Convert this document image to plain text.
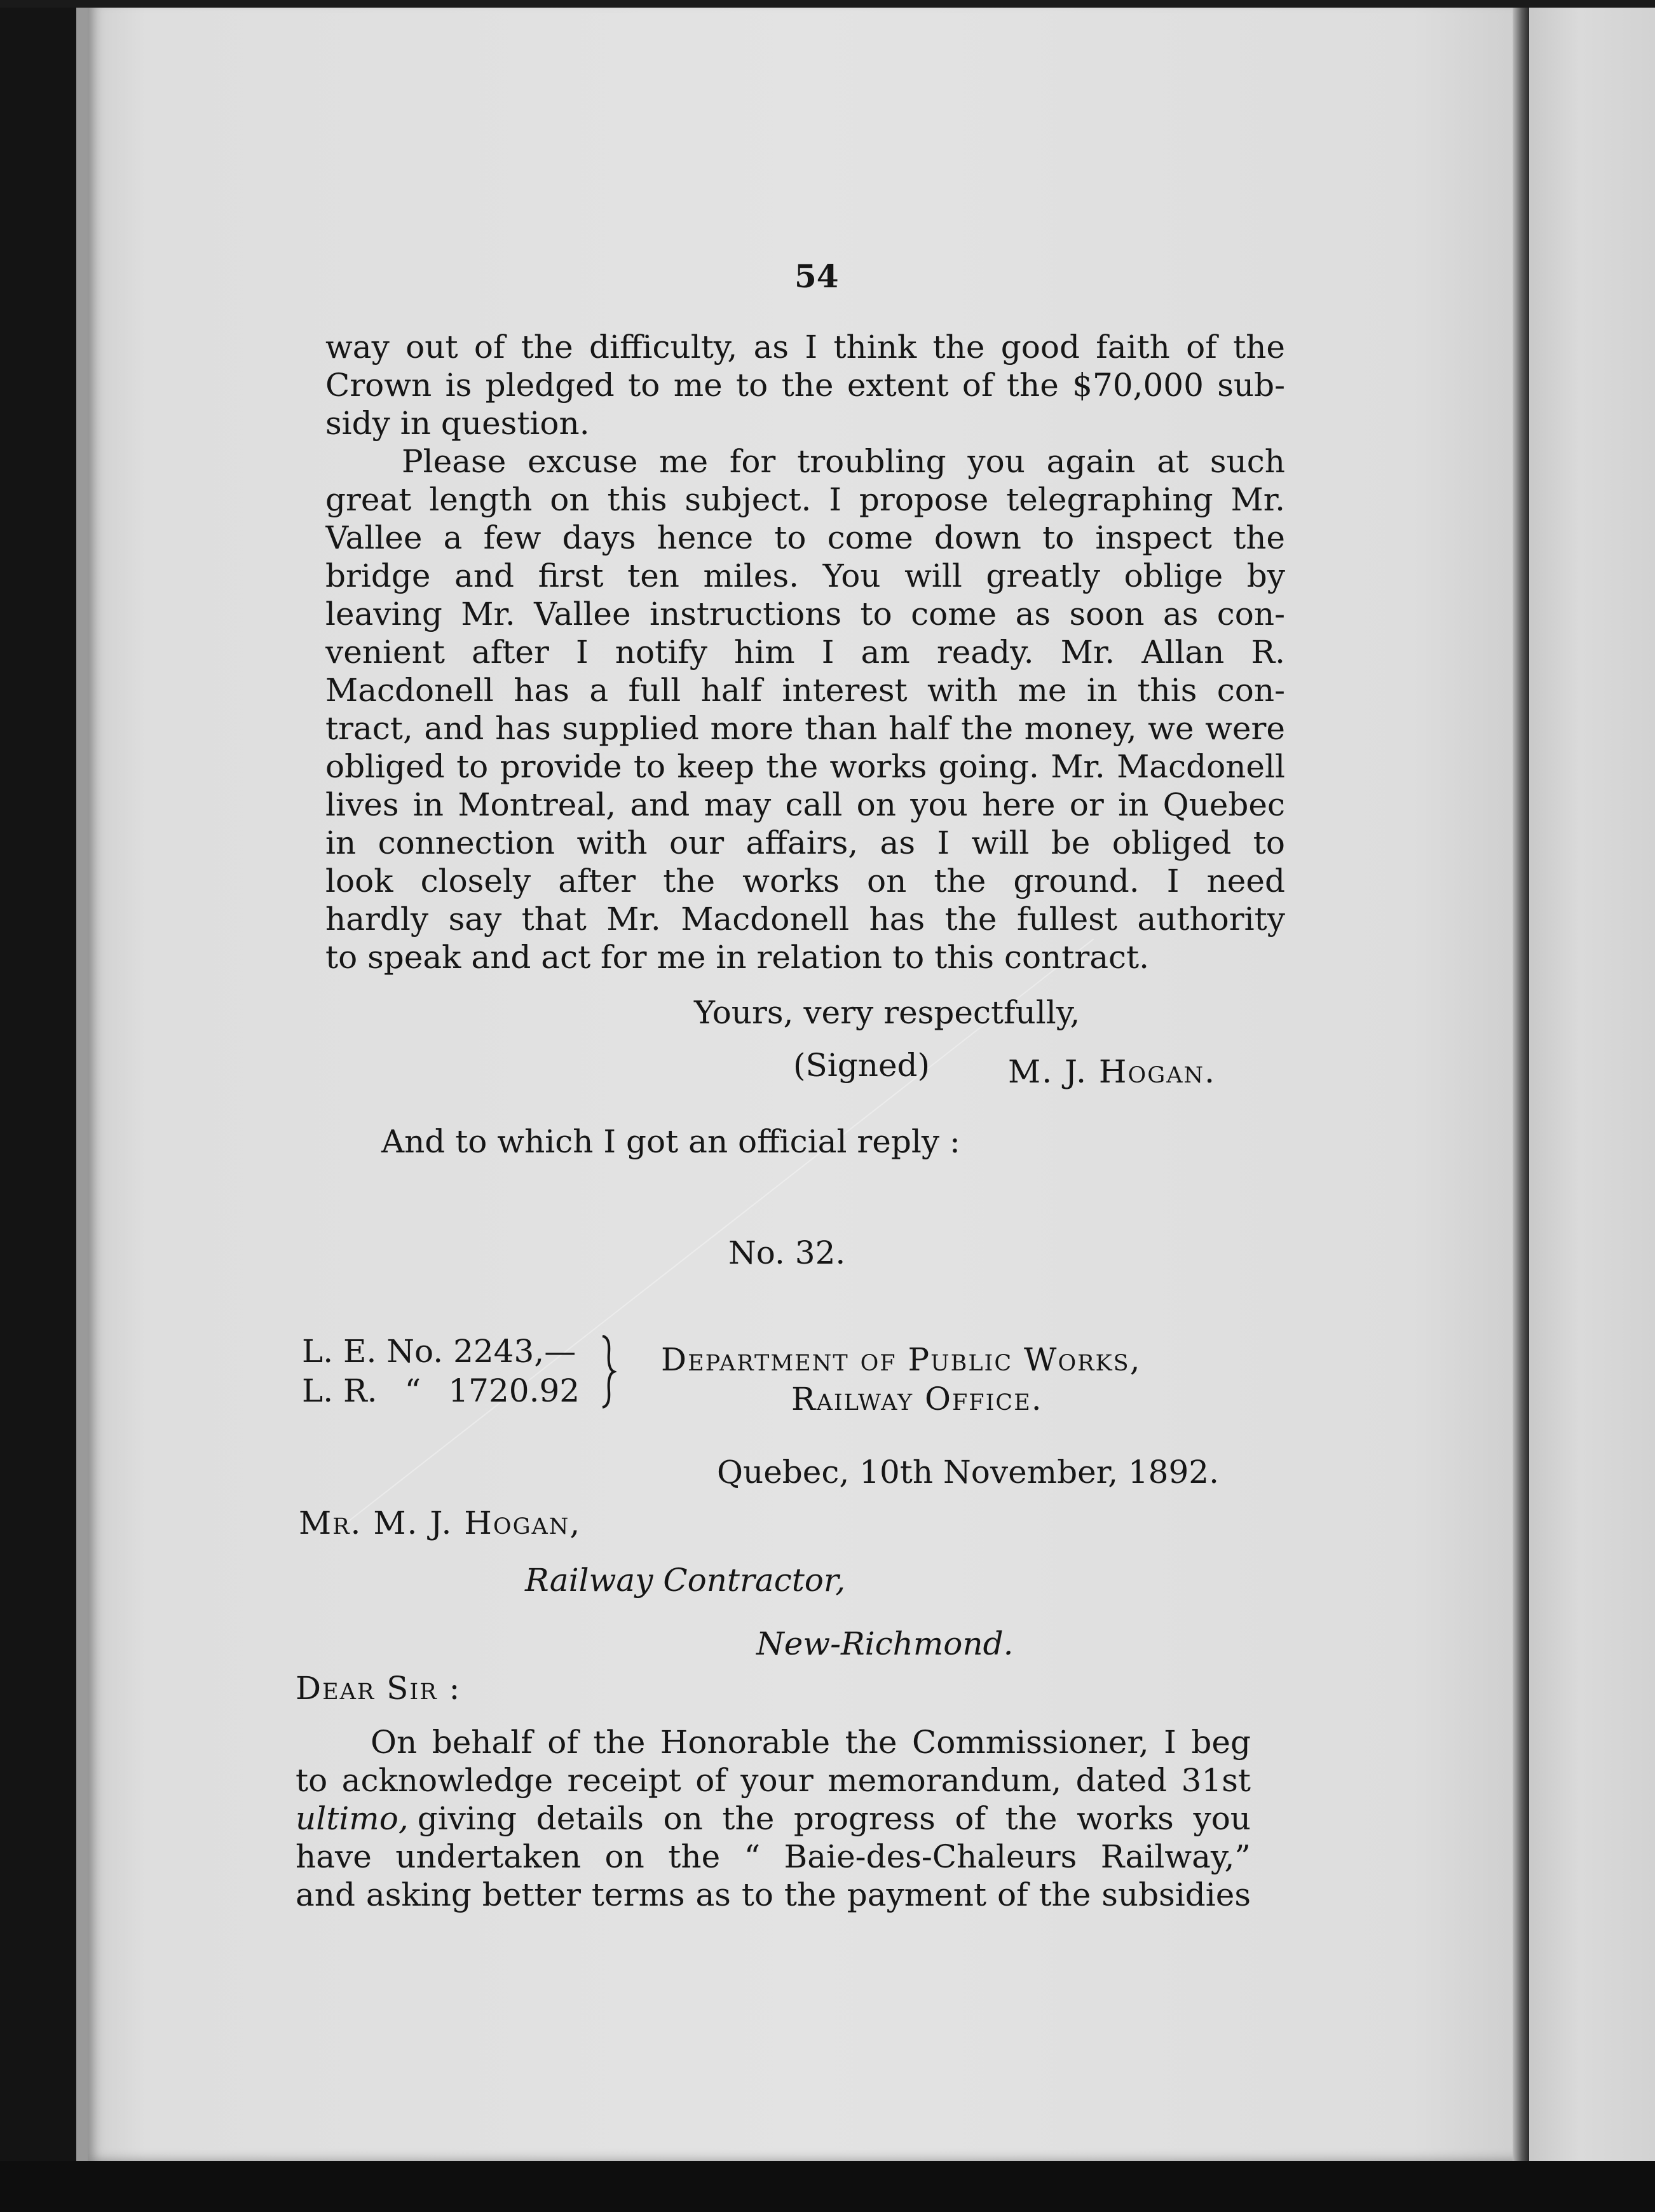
54

way out of the difficulty, as I think the good faith of the

Crown is pledged to me to the extent of the $70,000 sub-

sidy in question.

Please excuse me for troubling you again at such

great length on this subject. I propose telegraphing Mr.

Vallee a few days hence to come down to inspect the

bridge and first ten miles. You will greatly oblige by

leaving Mr. Vallee instructions to come as soon as con-

venient after I notify him I am ready. Mr. Allan R.

Macdonell has a full half interest with me in this con-

tract, and has supplied more than half the money, we were

obliged to provide to keep the works going. Mr. Macdonell

lives in Montreal, and may call on you here or in Quebec

in connection with our affairs, as I will be obliged to

look closely after the works on the ground. I need

hardly say that Mr. Macdonell has the fullest authority

to speak and act for me in relation to this contract.

Yours, very respectfully,

(Signed) M. J. Hogan.

And to which I got an official reply :

No. 32.

L. E. No. 2243,—

L. R. “ 1720.92

Department of Public Works,

Railway Office.

Quebec, 10th November, 1892.

Mr. M. J. Hogan,

Railway Contractor,

New-Richmond.

Dear Sir :

On behalf of the Honorable the Commissioner, I beg

to acknowledge receipt of your memorandum, dated 31st

ultimo, giving details on the progress of the works you

have undertaken on the “ Baie-des-Chaleurs Railway,”

and asking better terms as to the payment of the subsidies
